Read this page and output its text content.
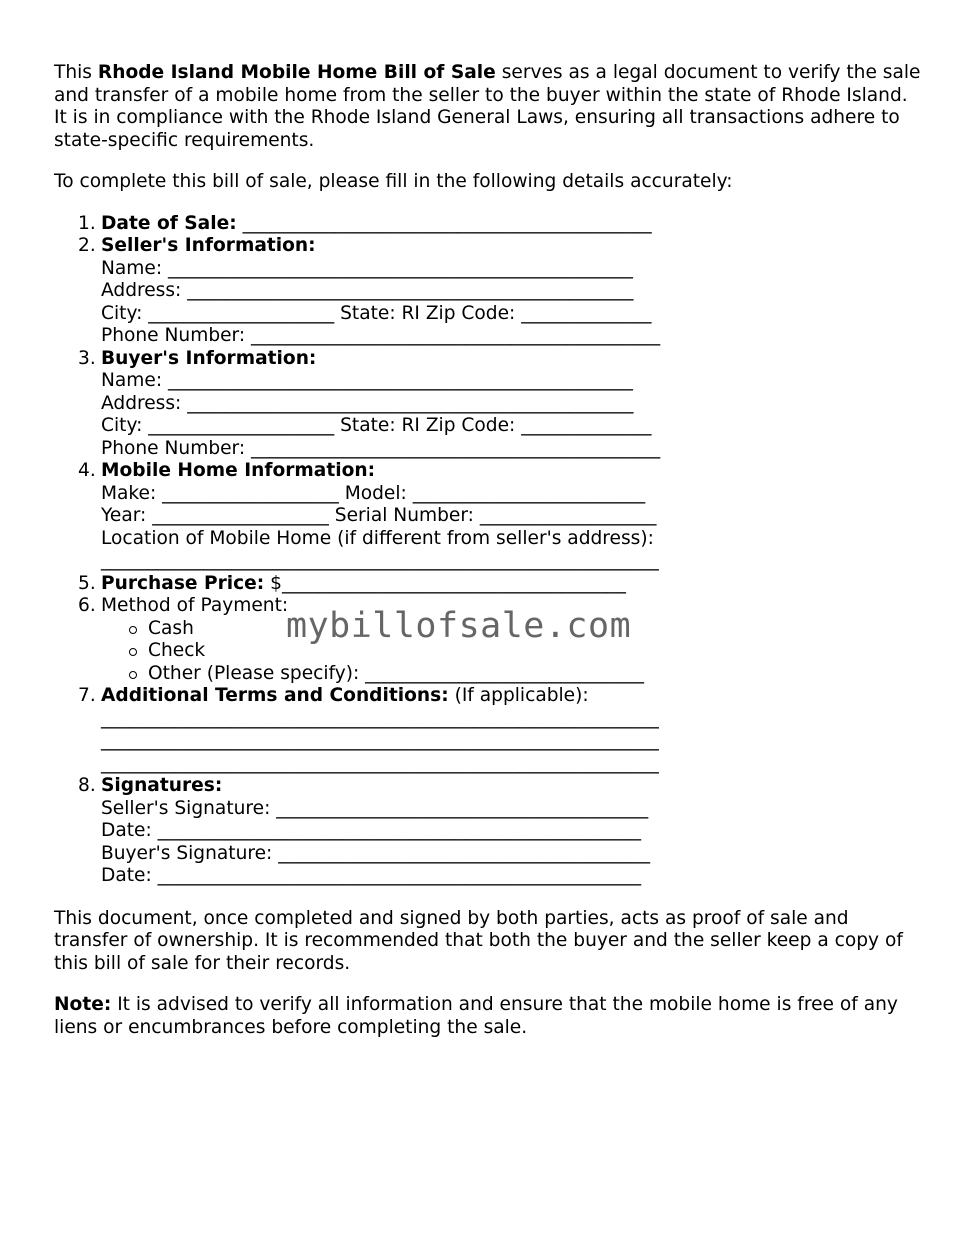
This Rhode Island Mobile Home Bill of Sale serves as a legal document to verify the sale and transfer of a mobile home from the seller to the buyer within the state of Rhode Island. It is in compliance with the Rhode Island General Laws, ensuring all transactions adhere to state-specific requirements.

To complete this bill of sale, please fill in the following details accurately:

1. Date of Sale: ____________________________________________
2. Seller's Information:
Name: __________________________________________________
Address: ________________________________________________
City: ____________________ State: RI Zip Code: ______________
Phone Number: ____________________________________________
3. Buyer's Information:
Name: __________________________________________________
Address: ________________________________________________
City: ____________________ State: RI Zip Code: ______________
Phone Number: ____________________________________________
4. Mobile Home Information:
Make: ___________________ Model: _________________________
Year: ___________________ Serial Number: ___________________
Location of Mobile Home (if different from seller's address):
____________________________________________________________
5. Purchase Price: $_____________________________________
6. Method of Payment:
Cash
Check
Other (Please specify): ______________________________
7. Additional Terms and Conditions: (If applicable):
____________________________________________________________
____________________________________________________________
____________________________________________________________
8. Signatures:
Seller's Signature: ________________________________________
Date: ____________________________________________________
Buyer's Signature: ________________________________________
Date: ____________________________________________________

This document, once completed and signed by both parties, acts as proof of sale and transfer of ownership. It is recommended that both the buyer and the seller keep a copy of this bill of sale for their records.

Note: It is advised to verify all information and ensure that the mobile home is free of any liens or encumbrances before completing the sale.

mybillofsale.com
